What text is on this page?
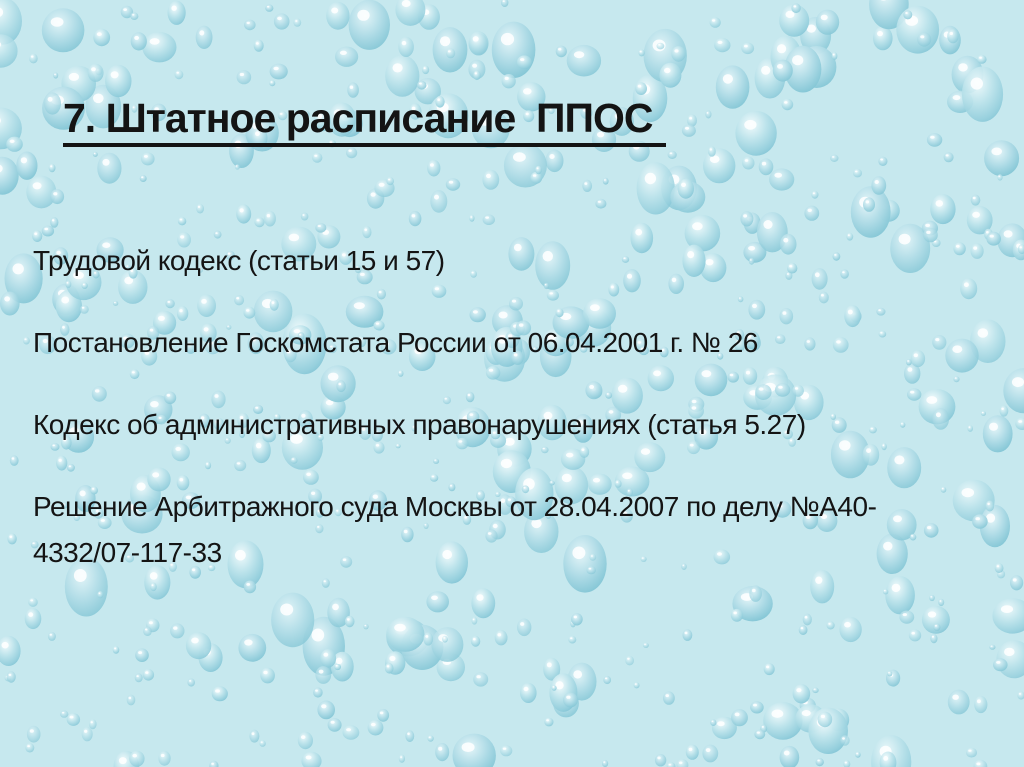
7. Штатное расписание  ППОС

Трудовой кодекс (статьи 15 и 57)

Постановление Госкомстата России от 06.04.2001 г. № 26

Кодекс об административных правонарушениях (статья 5.27)

Решение Арбитражного суда Москвы от 28.04.2007 по делу №А40-4332/07-117-33
